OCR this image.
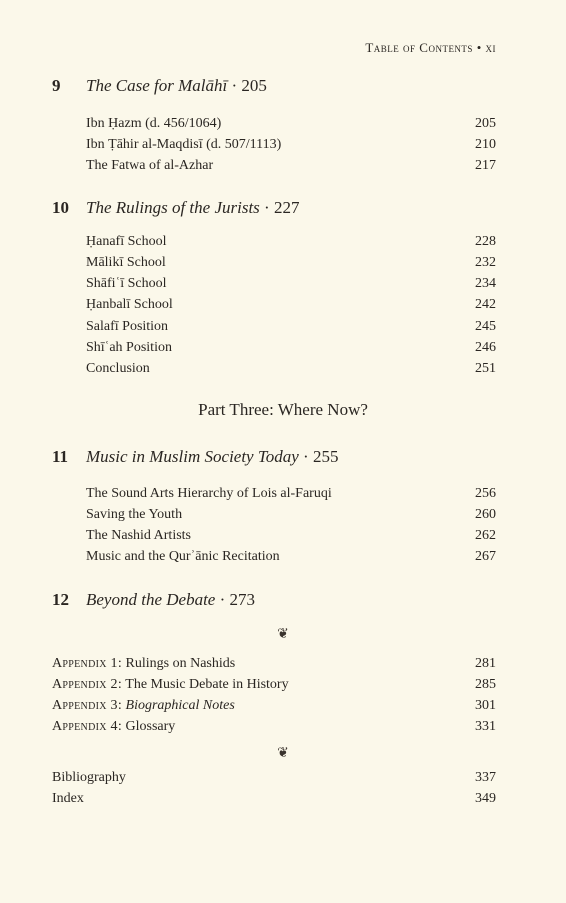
Table of Contents • xi
9 The Case for Malāhī · 205
Ibn Ḥazm (d. 456/1064)	205
Ibn Ṭāhir al-Maqdisī (d. 507/1113)	210
The Fatwa of al-Azhar	217
10 The Rulings of the Jurists · 227
Ḥanafī School	228
Mālikī School	232
Shāfiʿī School	234
Ḥanbalī School	242
Salafī Position	245
Shīʿah Position	246
Conclusion	251
Part Three: Where Now?
11 Music in Muslim Society Today · 255
The Sound Arts Hierarchy of Lois al-Faruqi	256
Saving the Youth	260
The Nashid Artists	262
Music and the Qurʾānic Recitation	267
12 Beyond the Debate · 273
❦
Appendix 1: Rulings on Nashids	281
Appendix 2: The Music Debate in History	285
Appendix 3: Biographical Notes	301
Appendix 4: Glossary	331
❦
Bibliography	337
Index	349
